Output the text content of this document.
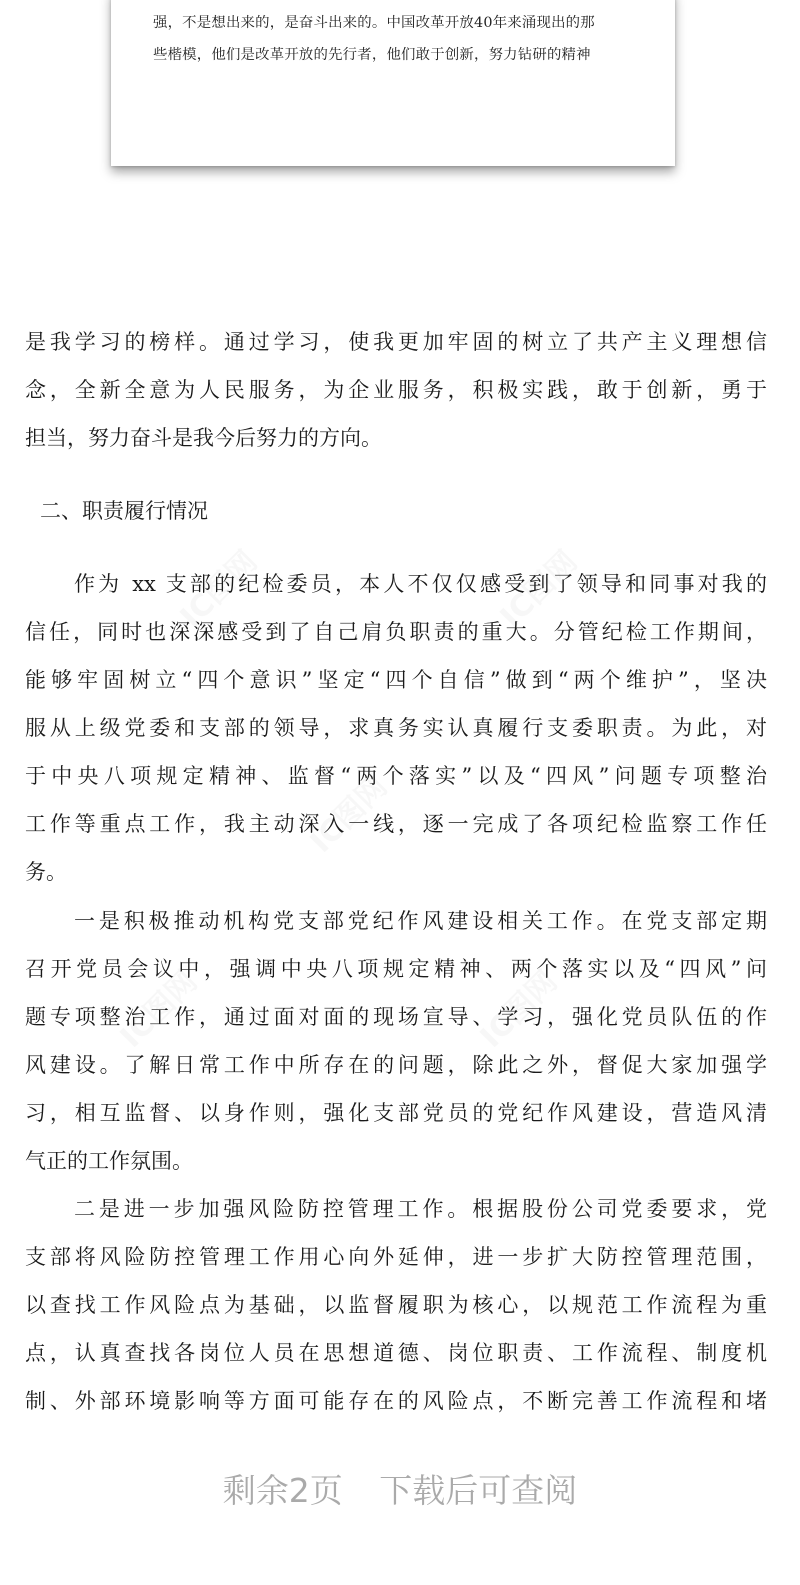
强，不是想出来的，是奋斗出来的。中国改革开放40年来涌现出的那
些楷模，他们是改革开放的先行者，他们敢于创新，努力钻研的精神
IC图网	IC图网
IC图网
IC图网	IC图网
是我学习的榜样。通过学习，使我更加牢固的树立了共产主义理想信
念，全新全意为人民服务，为企业服务，积极实践，敢于创新，勇于
担当，努力奋斗是我今后努力的方向。
二、职责履行情况
作为 xx 支部的纪检委员，本人不仅仅感受到了领导和同事对我的
信任，同时也深深感受到了自己肩负职责的重大。分管纪检工作期间，
能够牢固树立“四个意识”坚定“四个自信”做到“两个维护”，坚决
服从上级党委和支部的领导，求真务实认真履行支委职责。为此，对
于中央八项规定精神、监督“两个落实”以及“四风”问题专项整治
工作等重点工作，我主动深入一线，逐一完成了各项纪检监察工作任
务。
一是积极推动机构党支部党纪作风建设相关工作。在党支部定期
召开党员会议中，强调中央八项规定精神、两个落实以及“四风”问
题专项整治工作，通过面对面的现场宣导、学习，强化党员队伍的作
风建设。了解日常工作中所存在的问题，除此之外，督促大家加强学
习，相互监督、以身作则，强化支部党员的党纪作风建设，营造风清
气正的工作氛围。
二是进一步加强风险防控管理工作。根据股份公司党委要求，党
支部将风险防控管理工作用心向外延伸，进一步扩大防控管理范围，
以查找工作风险点为基础，以监督履职为核心，以规范工作流程为重
点，认真查找各岗位人员在思想道德、岗位职责、工作流程、制度机
制、外部环境影响等方面可能存在的风险点，不断完善工作流程和堵
剩余2页 下载后可查阅
